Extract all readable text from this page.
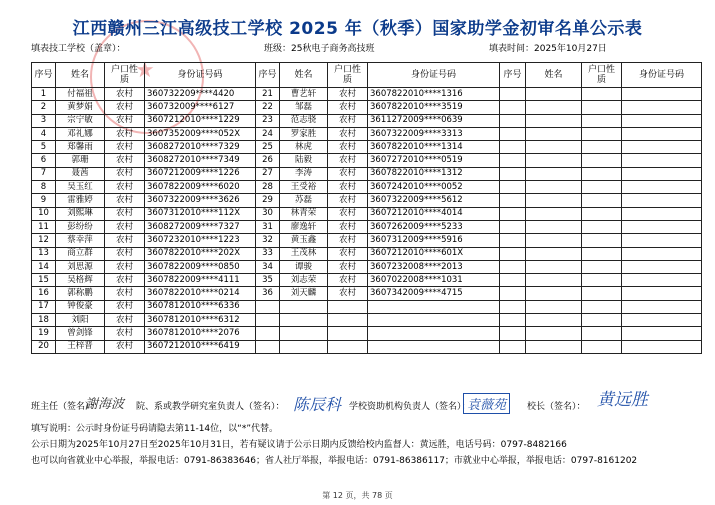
★
江西赣州三江高级技工学校 2025 年（秋季）国家助学金初审名单公示表
填表技工学校（盖章）：	班级：25秋电子商务高技班	填表时间：2025年10月27日
序号	姓名	户口性质	身份证号码	序号	姓名	户口性质	身份证号码	序号	姓名	户口性质	身份证号码
1	付福祖	农村	360732209****4420	21	曹艺轩	农村	3607822010****1316				
2	黄梦娟	农村	360732009****6127	22	邹磊	农村	3607822010****3519				
3	宗宁敏	农村	3607212010****1229	23	范志骁	农村	3611272009****0639				
4	邓礼娜	农村	3607352009****052X	24	罗家胜	农村	3607322009****3313				
5	郑馨雨	农村	3608272010****7329	25	林虎	农村	3607822010****1314				
6	郭珊	农村	3608272010****7349	26	陆毅	农村	3607272010****0519				
7	聂茜	农村	3607212009****1226	27	李涛	农村	3607822010****1312				
8	吴玉红	农村	3607822009****6020	28	王受裕	农村	3607242010****0052				
9	雷雅婷	农村	3607322009****3626	29	苏磊	农村	3607322009****5612				
10	刘熙琳	农村	3607312010****112X	30	林青荣	农村	3607212010****4014				
11	彭纷纷	农村	3608272009****7327	31	廖逸轩	农村	3607262009****5233				
12	蔡幸萍	农村	3607232010****1223	32	黄玉鑫	农村	3607312009****5916				
13	商立群	农村	3607822010****202X	33	王茂林	农村	3607212010****601X				
14	刘思源	农村	3607822009****0850	34	谭骏	农村	3607232008****2013				
15	吴格辉	农村	3607822009****4111	35	刘志荣	农村	3607022008****1031				
16	郭称鹏	农村	3607822010****0214	36	刘天麟	农村	3607342009****4715				
17	钟俊豪	农村	3607812010****6336								
18	刘阳	农村	3607812010****6312								
19	曾剑锋	农村	3607812010****2076								
20	王梓晋	农村	3607212010****6419								
班主任（签名）：
謝海波 院、系或教学研究室负责人（签名）： 陈辰科 学校资助机构负责人（签名）：
袁薇苑	校长（签名）： 黄远胜
填写说明：公示时身份证号码请隐去第11-14位，以“*”代替。
公示日期为2025年10月27日至2025年10月31日，若有疑议请于公示日期内反馈给校内监督人：黄远胜，电话号码：0797-8482166
也可以向省就业中心举报，举报电话：0791-86383646；省人社厅举报，举报电话：0791-86386117；市就业中心举报，举报电话：0797-8161202
第 12 页，共 78 页
